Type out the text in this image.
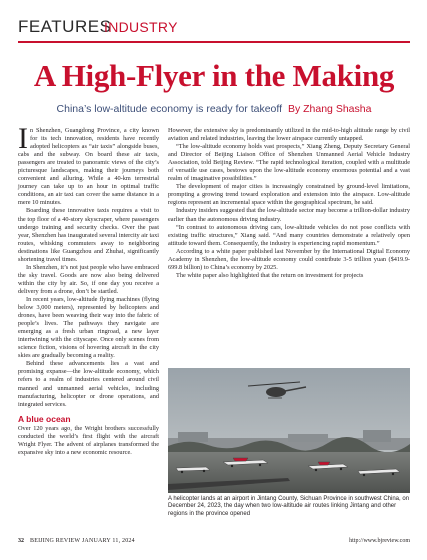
FEATURES
INDUSTRY
A High-Flyer in the Making
China’s low-altitude economy is ready for takeoff By Zhang Shasha

In Shenzhen, Guangdong Province, a city known for its tech innovation, residents have recently adopted helicopters as “air taxis” alongside buses, cabs and the subway. On board these air taxis, passengers are treated to panoramic views of the city’s picturesque landscapes, making their journeys both convenient and alluring. While a 40-km terrestrial journey can take up to an hour in optimal traffic conditions, an air taxi can cover the same distance in a mere 10 minutes.

Boarding these innovative taxis requires a visit to the top floor of a 40-story skyscraper, where passengers undergo training and security checks. Over the past year, Shenzhen has inaugurated several intercity air taxi routes, whisking commuters away to neighboring destinations like Guangzhou and Zhuhai, significantly shortening travel times.

In Shenzhen, it’s not just people who have embraced the sky travel. Goods are now also being delivered within the city by air. So, if one day you receive a delivery from a drone, don’t be startled.

In recent years, low-altitude flying machines (flying below 3,000 meters), represented by helicopters and drones, have been weaving their way into the fabric of people’s lives. The pathways they navigate are emerging as a fresh urban ringroad, a new layer intertwining with the cityscape. Once only scenes from science fiction, visions of hovering aircraft in the city skies are gradually becoming a reality.

Behind these advancements lies a vast and promising expanse—the low-altitude economy, which refers to a realm of industries centered around civil manned and unmanned aerial vehicles, including manufacturing, helicopter or drone operations, and integrated services.

A blue ocean

Over 120 years ago, the Wright brothers successfully conducted the world’s first flight with the aircraft Wright Flyer. The advent of airplanes transformed the expansive sky into a new economic resource.

However, the extensive sky is predominantly utilized in the mid-to-high altitude range by civil aviation and related industries, leaving the lower airspace currently untapped.

“The low-altitude economy holds vast prospects,” Xiang Zheng, Deputy Secretary General and Director of Beijing Liaison Office of Shenzhen Unmanned Aerial Vehicle Industry Association, told Beijing Review. “The rapid technological iteration, coupled with a multitude of versatile use cases, bestows upon the low-altitude economy enormous potential and a vast realm of imaginative possibilities.”

The development of major cities is increasingly constrained by ground-level limitations, prompting a growing trend toward exploration and extension into the airspace. Low-altitude regions represent an incremental space within the geographical spectrum, he said.

Industry insiders suggested that the low-altitude sector may become a trillion-dollar industry earlier than the autonomous driving industry.

“In contrast to autonomous driving cars, low-altitude vehicles do not pose conflicts with existing traffic structures,” Xiang said. “And many countries demonstrate a relatively open attitude toward them. Consequently, the industry is experiencing rapid momentum.”

According to a white paper published last November by the International Digital Economy Academy in Shenzhen, the low-altitude economy could contribute 3-5 trillion yuan ($419.9-699.8 billion) to China’s economy by 2025.

The white paper also highlighted that the return on investment for projects

A helicopter lands at an airport in Jintang County, Sichuan Province in southwest China, on December 24, 2023, the day when two low-altitude air routes linking Jintang and other regions in the province opened
32 BEIJING REVIEW JANUARY 11, 2024	http://www.bjreview.com
